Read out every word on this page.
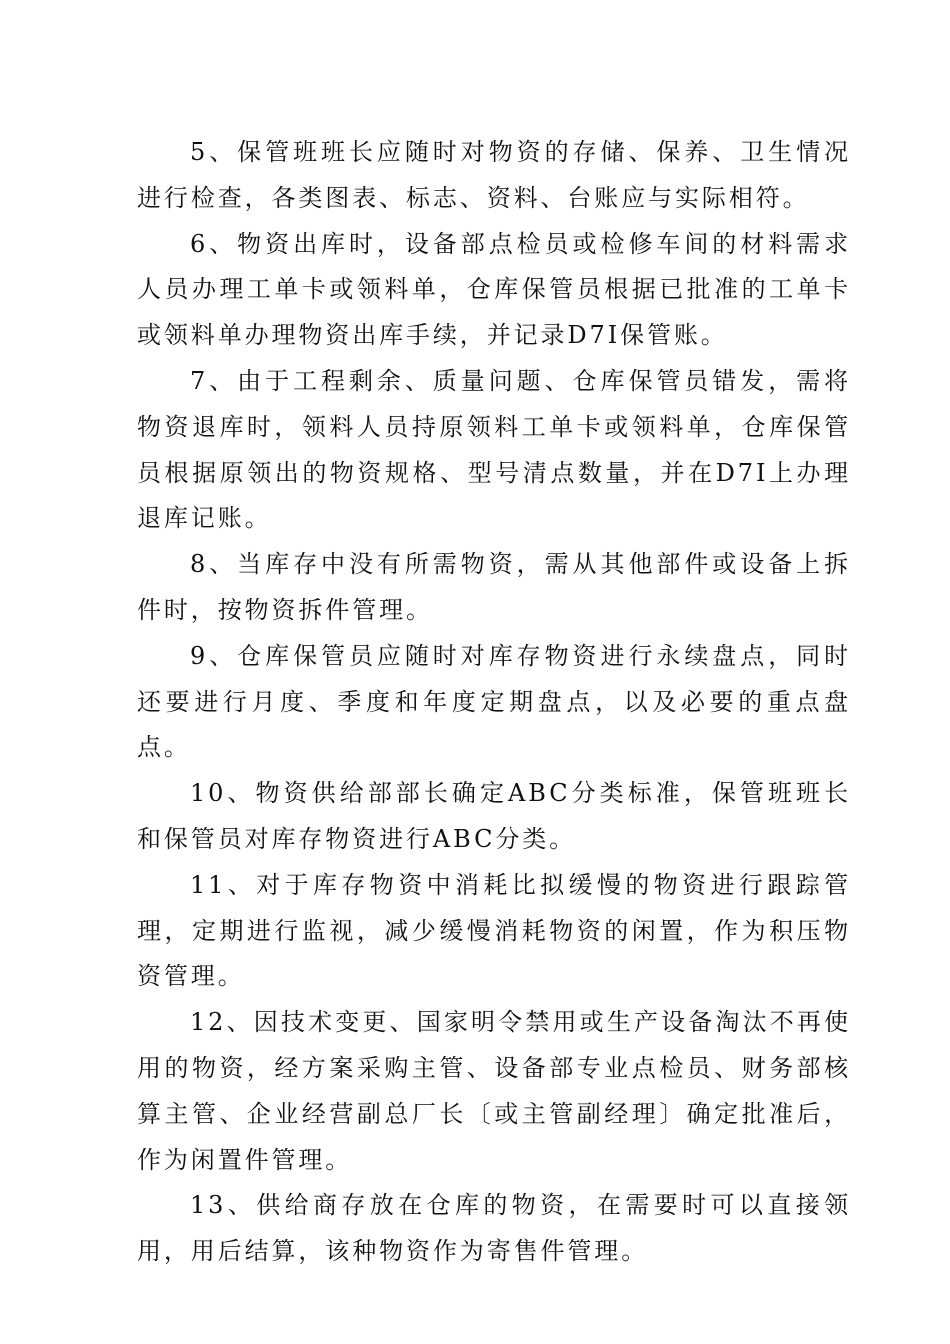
5、保管班班长应随时对物资的存储、保养、卫生情况进行检查，各类图表、标志、资料、台账应与实际相符。

6、物资出库时，设备部点检员或检修车间的材料需求人员办理工单卡或领料单，仓库保管员根据已批准的工单卡或领料单办理物资出库手续，并记录D7I保管账。

7、由于工程剩余、质量问题、仓库保管员错发，需将物资退库时，领料人员持原领料工单卡或领料单，仓库保管员根据原领出的物资规格、型号清点数量，并在D7I上办理退库记账。

8、当库存中没有所需物资，需从其他部件或设备上拆件时，按物资拆件管理。

9、仓库保管员应随时对库存物资进行永续盘点，同时还要进行月度、季度和年度定期盘点，以及必要的重点盘点。

10、物资供给部部长确定ABC分类标准，保管班班长和保管员对库存物资进行ABC分类。

11、对于库存物资中消耗比拟缓慢的物资进行跟踪管理，定期进行监视，减少缓慢消耗物资的闲置，作为积压物资管理。

12、因技术变更、国家明令禁用或生产设备淘汰不再使用的物资，经方案采购主管、设备部专业点检员、财务部核算主管、企业经营副总厂长〔或主管副经理〕确定批准后，作为闲置件管理。

13、供给商存放在仓库的物资，在需要时可以直接领用，用后结算，该种物资作为寄售件管理。
